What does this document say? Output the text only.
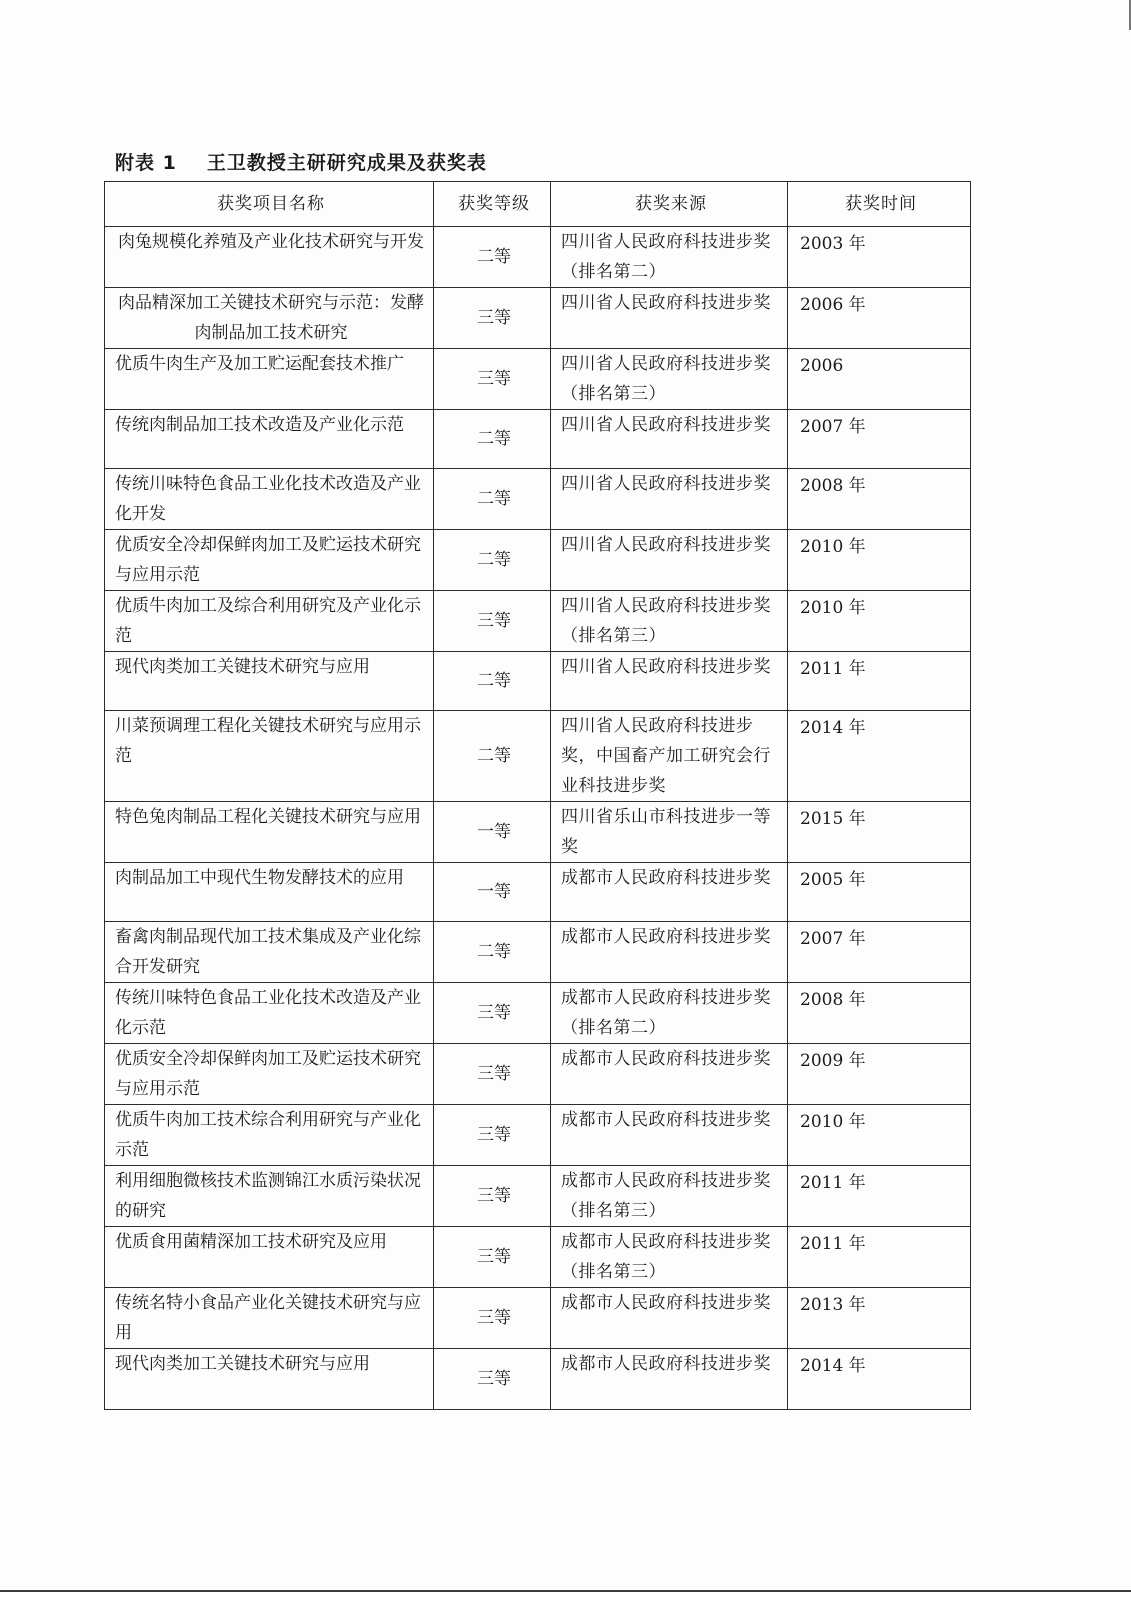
附表 1 王卫教授主研研究成果及获奖表
获奖项目名称	获奖等级	获奖来源	获奖时间
肉兔规模化养殖及产业化技术研究与开发	二等	四川省人民政府科技进步奖（排名第二）	2003 年
肉品精深加工关键技术研究与示范：发酵肉制品加工技术研究	三等	四川省人民政府科技进步奖	2006 年
优质牛肉生产及加工贮运配套技术推广	三等	四川省人民政府科技进步奖（排名第三）	2006
传统肉制品加工技术改造及产业化示范	二等	四川省人民政府科技进步奖	2007 年
传统川味特色食品工业化技术改造及产业化开发	二等	四川省人民政府科技进步奖	2008 年
优质安全冷却保鲜肉加工及贮运技术研究与应用示范	二等	四川省人民政府科技进步奖	2010 年
优质牛肉加工及综合利用研究及产业化示范	三等	四川省人民政府科技进步奖（排名第三）	2010 年
现代肉类加工关键技术研究与应用	二等	四川省人民政府科技进步奖	2011 年
川菜预调理工程化关键技术研究与应用示范	二等	四川省人民政府科技进步奖，中国畜产加工研究会行业科技进步奖	2014 年
特色兔肉制品工程化关键技术研究与应用	一等	四川省乐山市科技进步一等奖	2015 年
肉制品加工中现代生物发酵技术的应用	一等	成都市人民政府科技进步奖	2005 年
畜禽肉制品现代加工技术集成及产业化综合开发研究	二等	成都市人民政府科技进步奖	2007 年
传统川味特色食品工业化技术改造及产业化示范	三等	成都市人民政府科技进步奖（排名第二）	2008 年
优质安全冷却保鲜肉加工及贮运技术研究与应用示范	三等	成都市人民政府科技进步奖	2009 年
优质牛肉加工技术综合利用研究与产业化示范	三等	成都市人民政府科技进步奖	2010 年
利用细胞微核技术监测锦江水质污染状况的研究	三等	成都市人民政府科技进步奖（排名第三）	2011 年
优质食用菌精深加工技术研究及应用	三等	成都市人民政府科技进步奖（排名第三）	2011 年
传统名特小食品产业化关键技术研究与应用	三等	成都市人民政府科技进步奖	2013 年
现代肉类加工关键技术研究与应用	三等	成都市人民政府科技进步奖	2014 年
